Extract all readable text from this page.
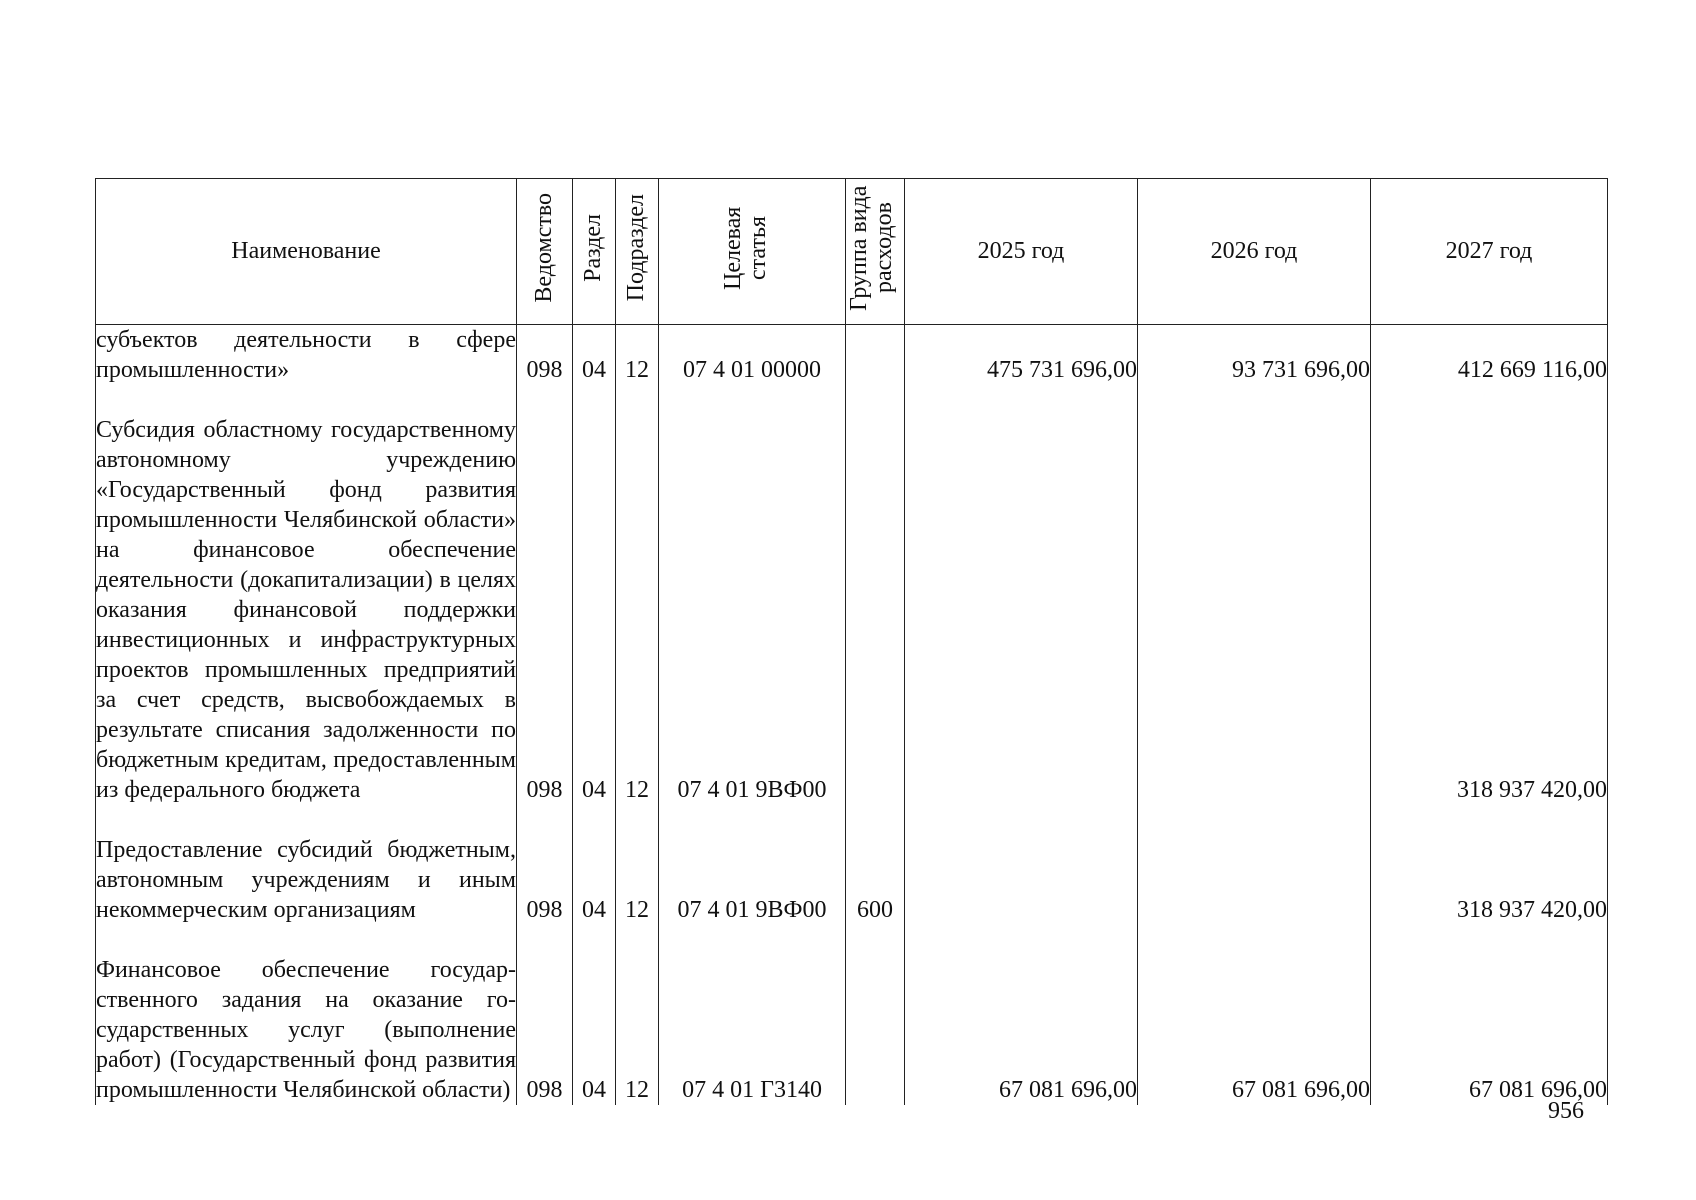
Наименование	Ведомство	Раздел	Подраздел	Целевая статья	Группа вида расходов	2025 год	2026 год	2027 год
субъектов деятельности в сфере промышленности»	098	04	12	07 4 01 00000		475 731 696,00	93 731 696,00	412 669 116,00
Субсидия областному государственному автономному учреждению «Государственный фонд развития промышленности Челябинской области» на финансовое обеспечение деятельности (докапитализации) в целях оказания финансовой поддержки инвестиционных и инфраструктурных проектов промышленных предприятий за счет средств, высвобождаемых в результате списания задолженности по бюджетным кредитам, предоставленным из федерального бюджета	098	04	12	07 4 01 9ВФ00				318 937 420,00
Предоставление субсидий бюджетным, автономным учреждениям и иным некоммерческим организациям	098	04	12	07 4 01 9ВФ00	600			318 937 420,00
Финансовое обеспечение государственного задания на оказание государственных услуг (выполнение работ) (Государственный фонд развития промышленности Челябинской области)	098	04	12	07 4 01 Г3140		67 081 696,00	67 081 696,00	67 081 696,00
956
